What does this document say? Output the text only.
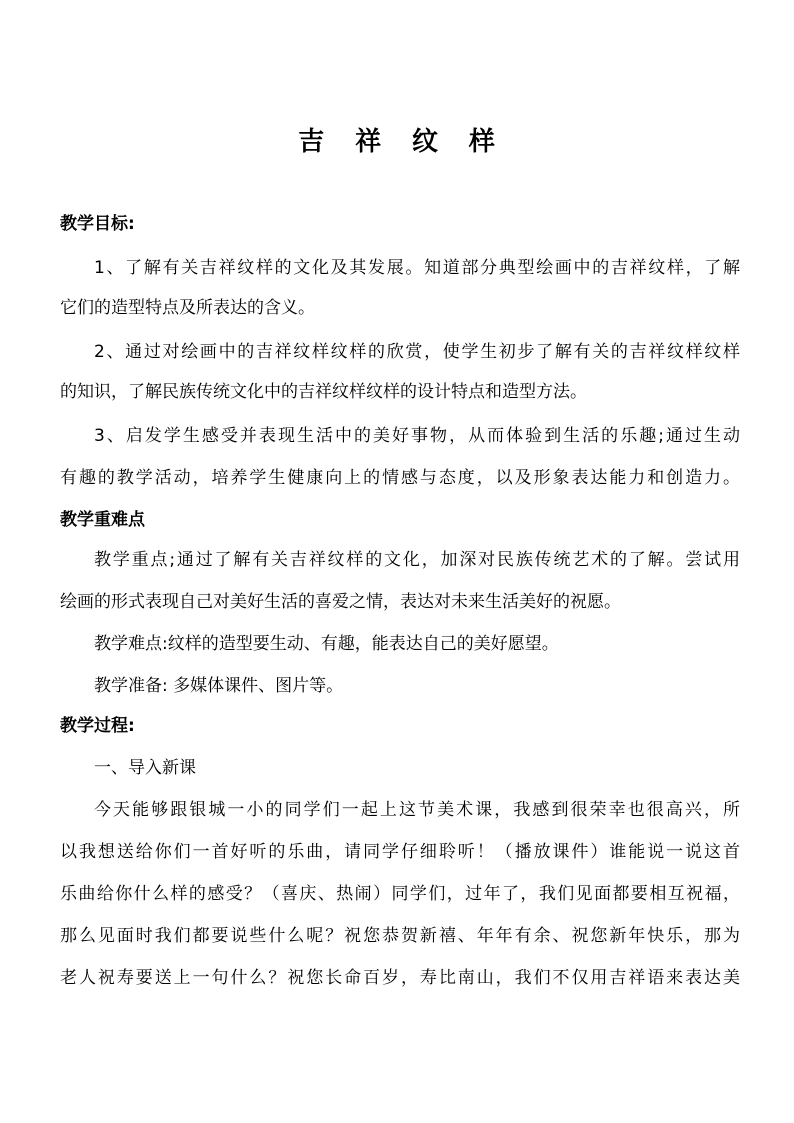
吉 祥 纹 样
教学目标:
1、了解有关吉祥纹样的文化及其发展。知道部分典型绘画中的吉祥纹样，了解
它们的造型特点及所表达的含义。
2、通过对绘画中的吉祥纹样纹样的欣赏，使学生初步了解有关的吉祥纹样纹样
的知识，了解民族传统文化中的吉祥纹样纹样的设计特点和造型方法。
3、启发学生感受并表现生活中的美好事物，从而体验到生活的乐趣;通过生动
有趣的教学活动，培养学生健康向上的情感与态度，以及形象表达能力和创造力。
教学重难点
教学重点;通过了解有关吉祥纹样的文化，加深对民族传统艺术的了解。尝试用
绘画的形式表现自己对美好生活的喜爱之情，表达对未来生活美好的祝愿。
教学难点:纹样的造型要生动、有趣，能表达自己的美好愿望。
教学准备: 多媒体课件、图片等。
教学过程:
一、导入新课
今天能够跟银城一小的同学们一起上这节美术课，我感到很荣幸也很高兴，所
以我想送给你们一首好听的乐曲，请同学仔细聆听！（播放课件）谁能说一说这首
乐曲给你什么样的感受？（喜庆、热闹）同学们，过年了，我们见面都要相互祝福，
那么见面时我们都要说些什么呢？祝您恭贺新禧、年年有余、祝您新年快乐，那为
老人祝寿要送上一句什么？祝您长命百岁，寿比南山，我们不仅用吉祥语来表达美
